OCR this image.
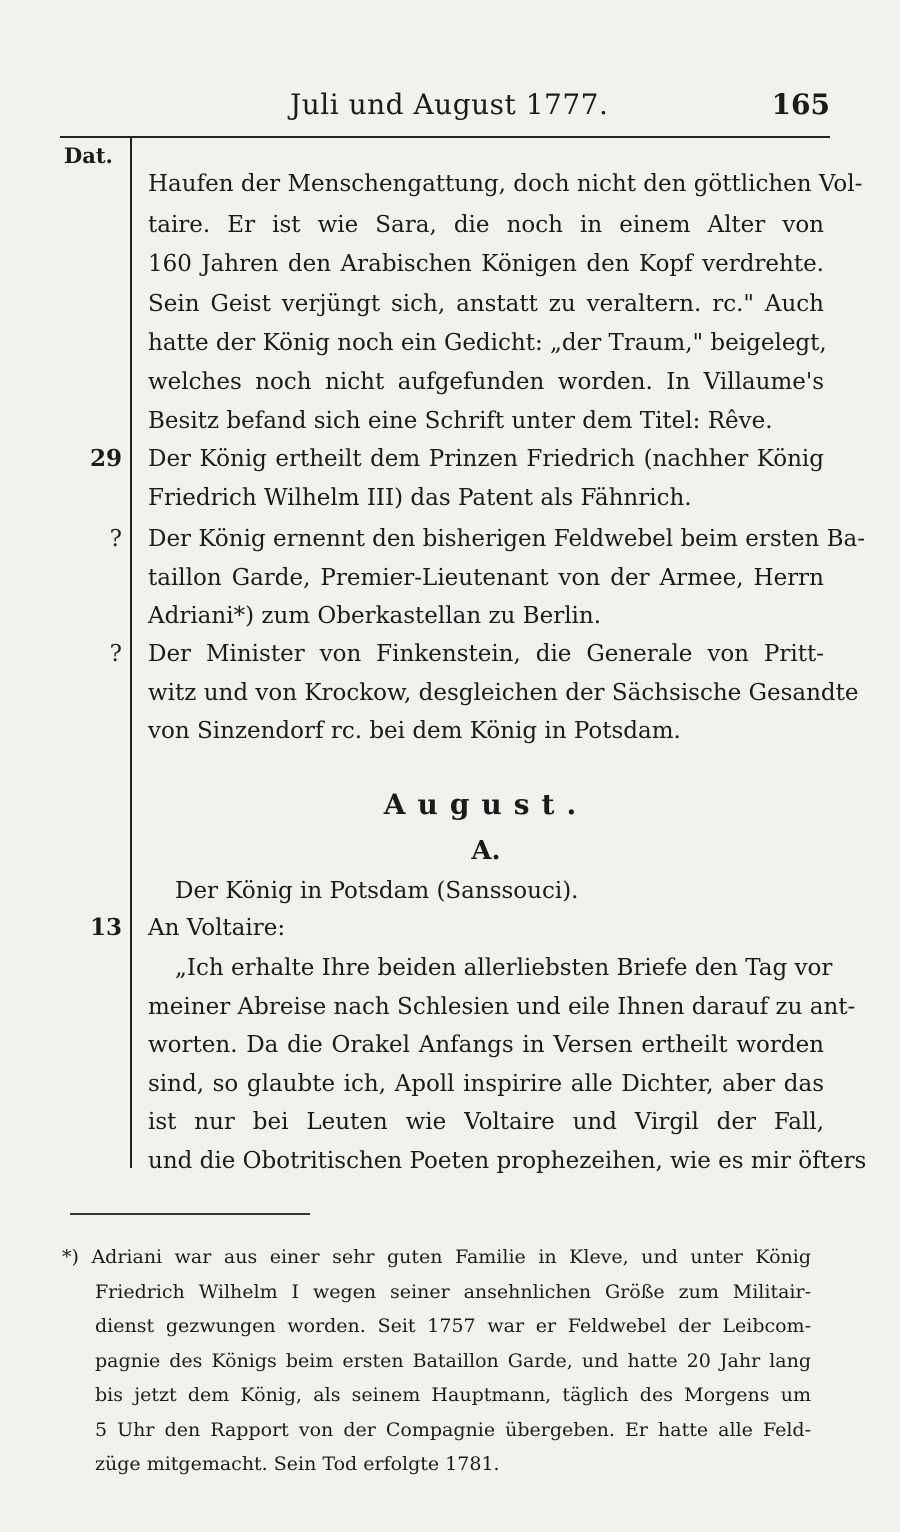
Juli und August 1777.	165
Dat.
Haufen der Menschengattung, doch nicht den göttlichen Vol-
taire. Er ist wie Sara, die noch in einem Alter von
160 Jahren den Arabischen Königen den Kopf verdrehte.
Sein Geist verjüngt sich, anstatt zu veraltern. rc." Auch
hatte der König noch ein Gedicht: „der Traum," beigelegt,
welches noch nicht aufgefunden worden. In Villaume's
Besitz befand sich eine Schrift unter dem Titel: Rêve.
29 Der König ertheilt dem Prinzen Friedrich (nachher König
Friedrich Wilhelm III) das Patent als Fähnrich.
? Der König ernennt den bisherigen Feldwebel beim ersten Ba-
taillon Garde, Premier-Lieutenant von der Armee, Herrn
Adriani*) zum Oberkastellan zu Berlin.
? Der Minister von Finkenstein, die Generale von Pritt-
witz und von Krockow, desgleichen der Sächsische Gesandte
von Sinzendorf rc. bei dem König in Potsdam.
August.
A.
Der König in Potsdam (Sanssouci).
13 An Voltaire:
„Ich erhalte Ihre beiden allerliebsten Briefe den Tag vor
meiner Abreise nach Schlesien und eile Ihnen darauf zu ant-
worten. Da die Orakel Anfangs in Versen ertheilt worden
sind, so glaubte ich, Apoll inspirire alle Dichter, aber das
ist nur bei Leuten wie Voltaire und Virgil der Fall,
und die Obotritischen Poeten prophezeihen, wie es mir öfters
*) Adriani war aus einer sehr guten Familie in Kleve, und unter König
Friedrich Wilhelm I wegen seiner ansehnlichen Größe zum Militair-
dienst gezwungen worden. Seit 1757 war er Feldwebel der Leibcom-
pagnie des Königs beim ersten Bataillon Garde, und hatte 20 Jahr lang
bis jetzt dem König, als seinem Hauptmann, täglich des Morgens um
5 Uhr den Rapport von der Compagnie übergeben. Er hatte alle Feld-
züge mitgemacht. Sein Tod erfolgte 1781.
